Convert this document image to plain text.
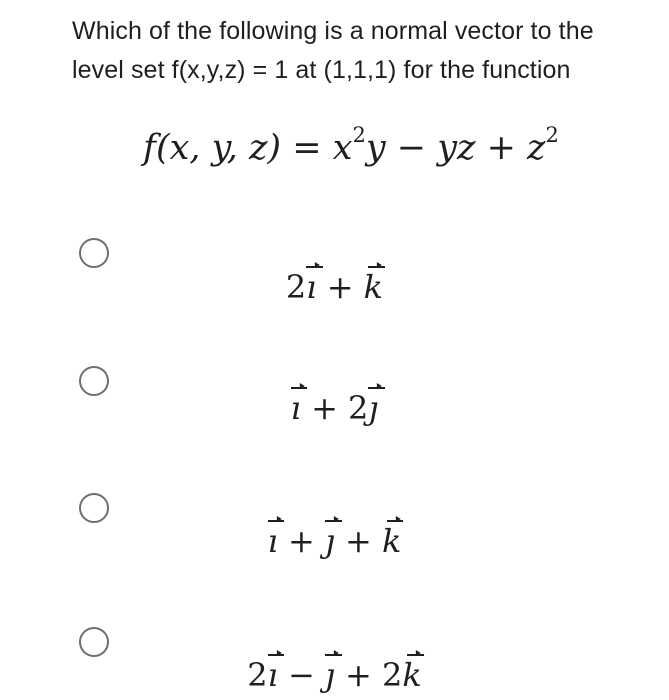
Which of the following is a normal vector to the level set f(x,y,z) = 1 at (1,1,1) for the function
f(x, y, $z) = x^2y$ − yz + $z^2$
2ı + k
ı + 2ȷ
ı + ȷ + k
2ı − ȷ + 2k
